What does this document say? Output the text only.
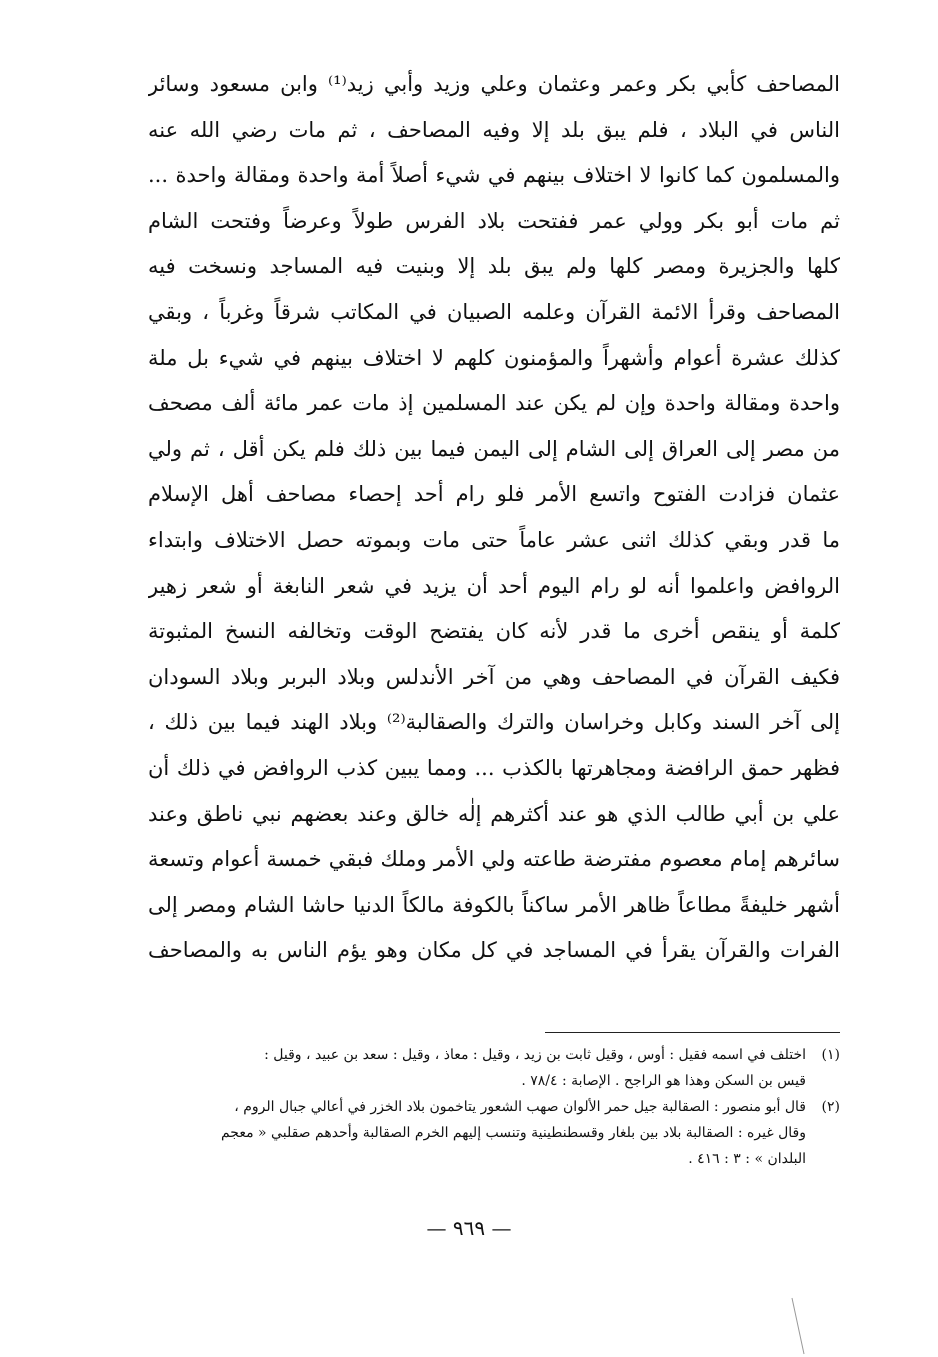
المصاحف كأبي بكر وعمر وعثمان وعلي وزيد وأبي زيد⁽¹⁾ وابن مسعود وسائر
الناس في البلاد ، فلم يبق بلد إلا وفيه المصاحف ، ثم مات رضي الله عنه
والمسلمون كما كانوا لا اختلاف بينهم في شيء أصلاً أمة واحدة ومقالة واحدة ...
ثم مات أبو بكر وولي عمر ففتحت بلاد الفرس طولاً وعرضاً وفتحت الشام
كلها والجزيرة ومصر كلها ولم يبق بلد إلا وبنيت فيه المساجد ونسخت فيه
المصاحف وقرأ الائمة القرآن وعلمه الصبيان في المكاتب شرقاً وغرباً ، وبقي
كذلك عشرة أعوام وأشهراً والمؤمنون كلهم لا اختلاف بينهم في شيء بل ملة
واحدة ومقالة واحدة وإن لم يكن عند المسلمين إذ مات عمر مائة ألف مصحف
من مصر إلى العراق إلى الشام إلى اليمن فيما بين ذلك فلم يكن أقل ، ثم ولي
عثمان فزادت الفتوح واتسع الأمر فلو رام أحد إحصاء مصاحف أهل الإسلام
ما قدر وبقي كذلك اثنى عشر عاماً حتى مات وبموته حصل الاختلاف وابتداء
الروافض واعلموا أنه لو رام اليوم أحد أن يزيد في شعر النابغة أو شعر زهير
كلمة أو ينقص أخرى ما قدر لأنه كان يفتضح الوقت وتخالفه النسخ المثبوتة
فكيف القرآن في المصاحف وهي من آخر الأندلس وبلاد البربر وبلاد السودان
إلى آخر السند وكابل وخراسان والترك والصقالبة⁽²⁾ وبلاد الهند فيما بين ذلك ،
فظهر حمق الرافضة ومجاهرتها بالكذب ... ومما يبين كذب الروافض في ذلك أن
علي بن أبي طالب الذي هو عند أكثرهم إلٰه خالق وعند بعضهم نبي ناطق وعند
سائرهم إمام معصوم مفترضة طاعته ولي الأمر وملك فبقي خمسة أعوام وتسعة
أشهر خليفةً مطاعاً ظاهر الأمر ساكناً بالكوفة مالكاً الدنيا حاشا الشام ومصر إلى
الفرات والقرآن يقرأ في المساجد في كل مكان وهو يؤم الناس به والمصاحف
(١)اختلف في اسمه فقيل : أوس ، وقيل ثابت بن زيد ، وقيل : معاذ ، وقيل : سعد بن عبيد ، وقيل :
قيس بن السكن وهذا هو الراجح . الإصابة : ٧٨/٤ .
(٢)قال أبو منصور : الصقالبة جيل حمر الألوان صهب الشعور يتاخمون بلاد الخزر في أعالي جبال الروم ،
وقال غيره : الصقالبة بلاد بين بلغار وقسطنطينية وتنسب إليهم الخرم الصقالبة وأحدهم صقلبي « معجم
البلدان » : ٣ : ٤١٦ .
— ٩٦٩ —
